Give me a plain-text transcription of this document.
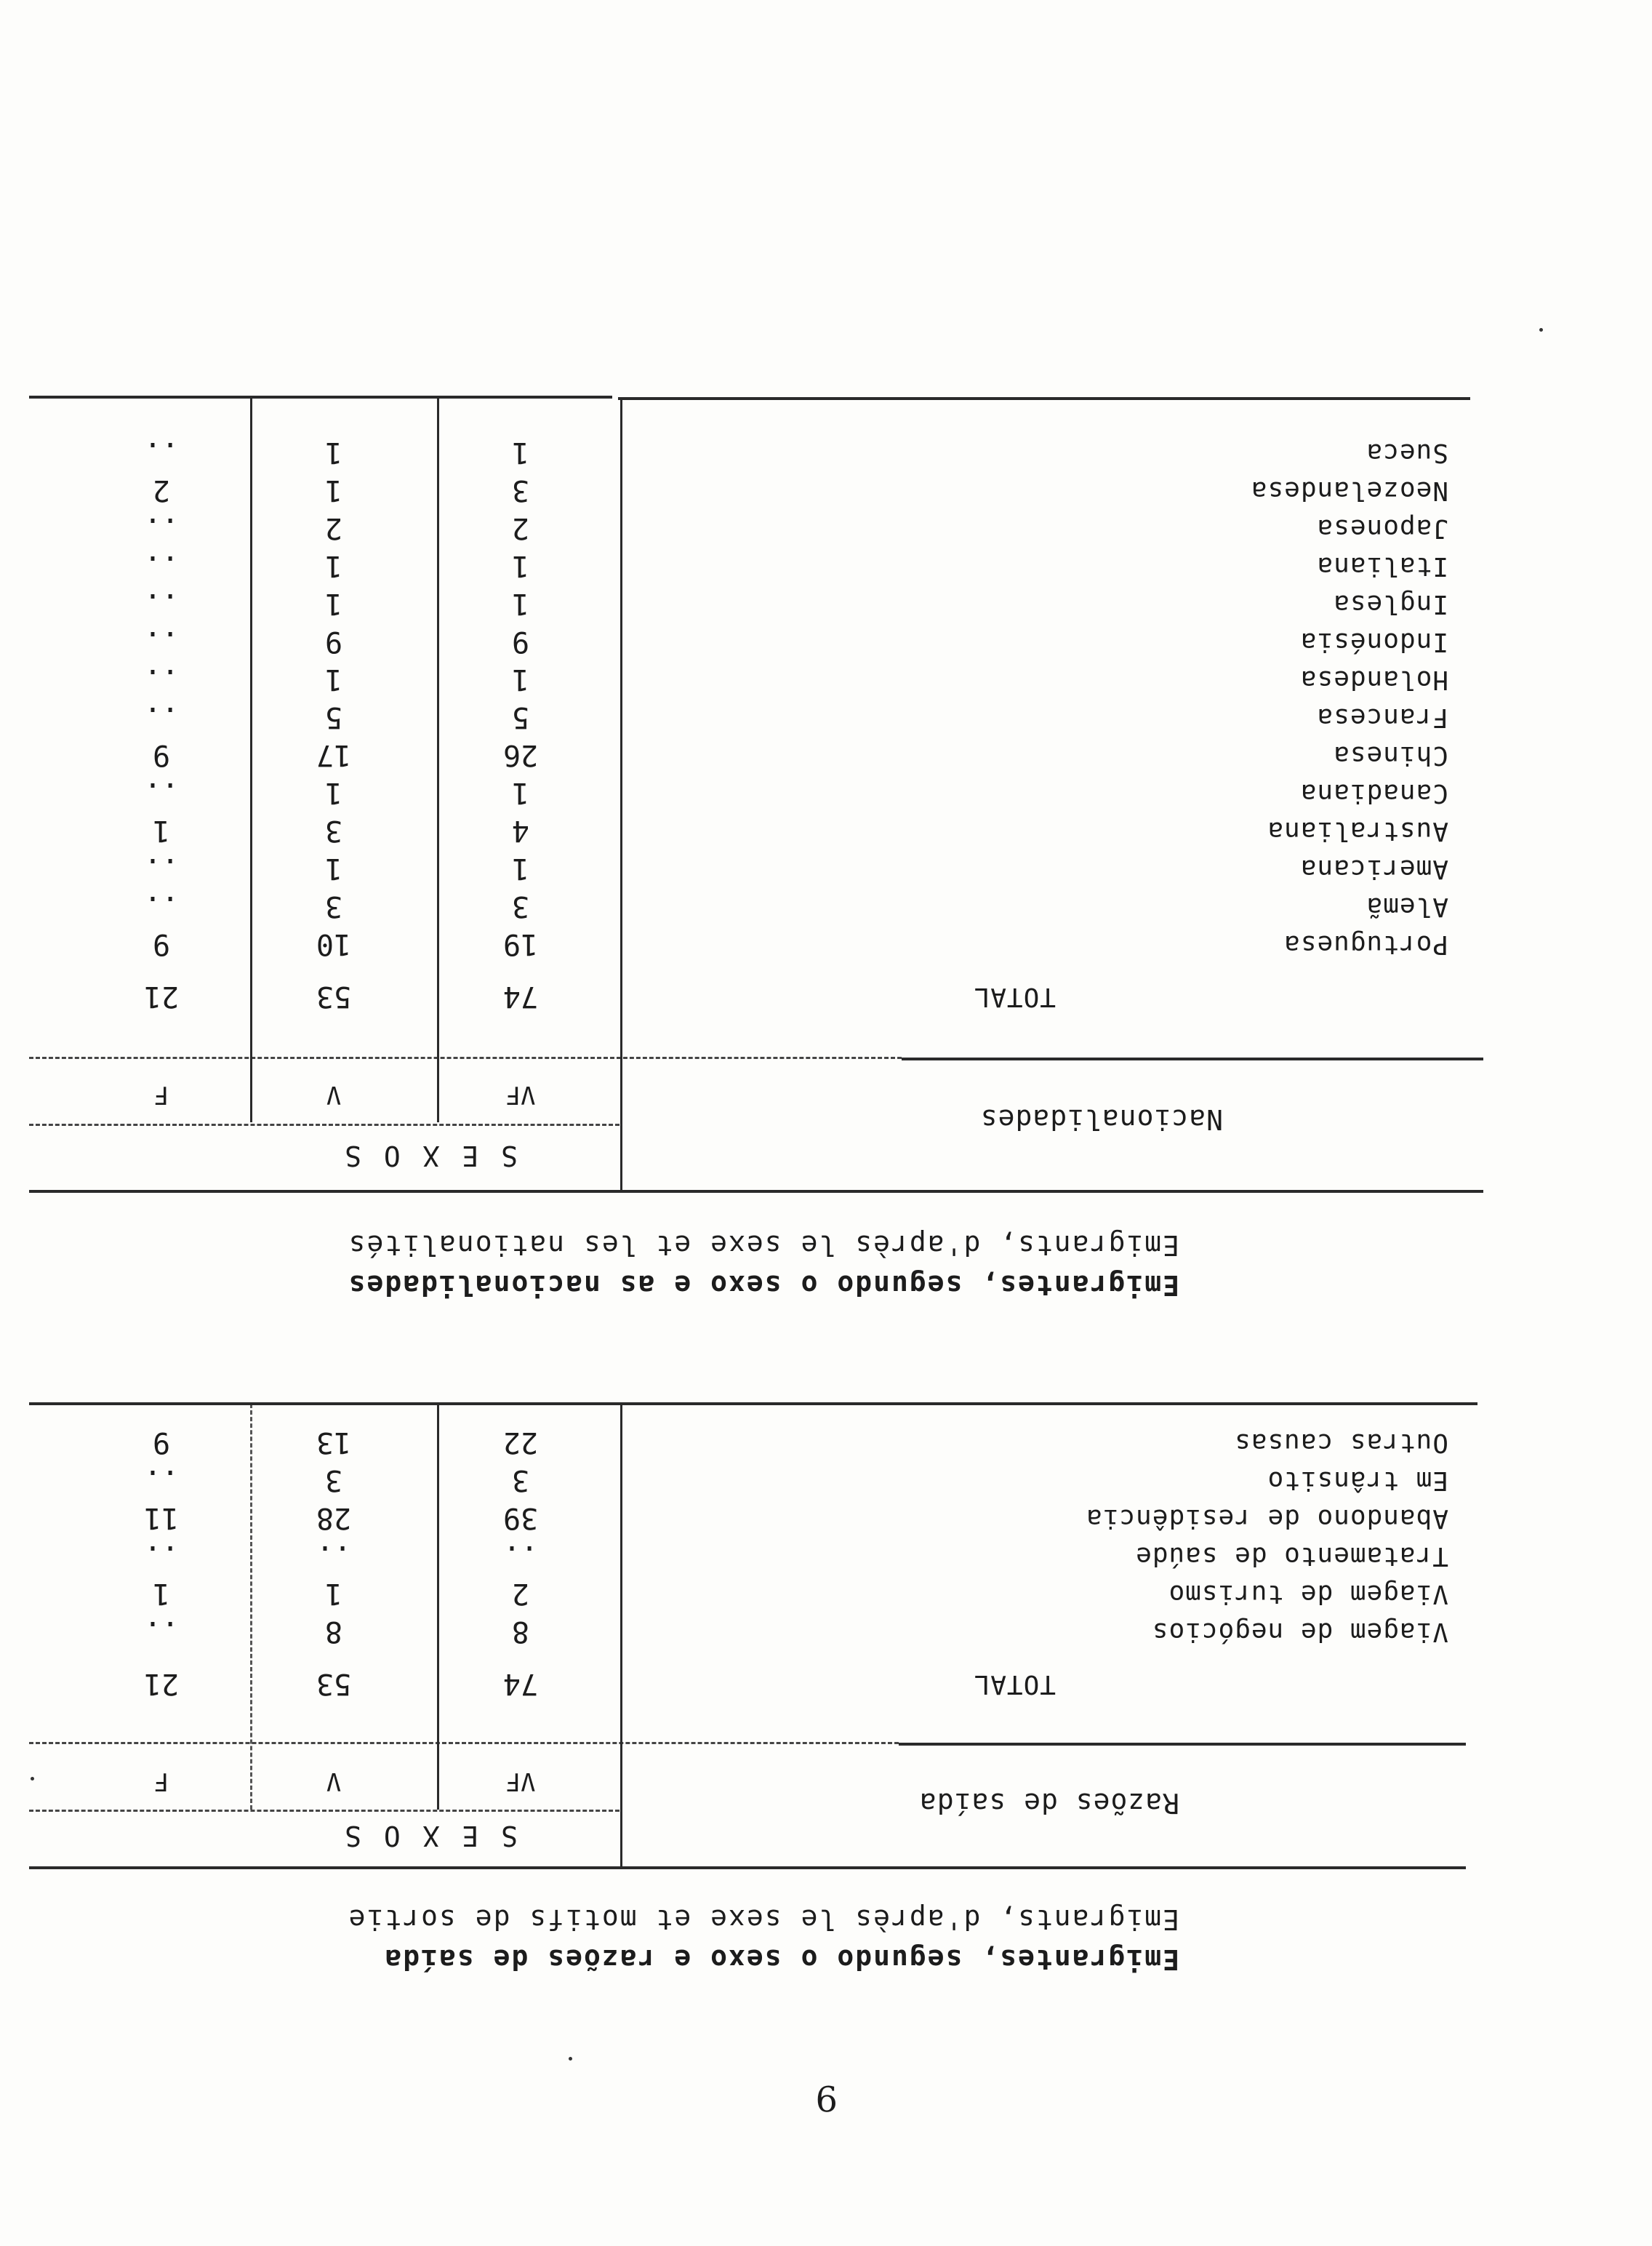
9
Emigrantes, segundo o sexo e razões de saída
Emigrants, d'après le sexe et motifs de sortie
Razões de saída
S E X O S
VF
V
F
TOTAL
74
53
21
Viagem de negócios
8
8
..
Viagem de turismo
2
1
1
Tratamento de saúde
..
..
..
Abandono de residência
39
28
11
Em trânsito
3
3
..
Outras causas
22
13
9
Emigrantes, segundo o sexo e as nacionalidades
Emigrants, d'après le sexe et les nationalités
Nacionalidades
S E X O S
VF
V
F
TOTAL
74
53
21
Portuguesa
19
10
9
Alemã
3
3
..
Americana
1
1
..
Australiana
4
3
1
Canadiana
1
1
..
Chinesa
26
17
9
Francesa
5
5
..
Holandesa
1
1
..
Indonésia
9
9
..
Inglesa
1
1
..
Italiana
1
1
..
Japonesa
2
2
..
Neozelandesa
3
1
2
Sueca
1
1
..
